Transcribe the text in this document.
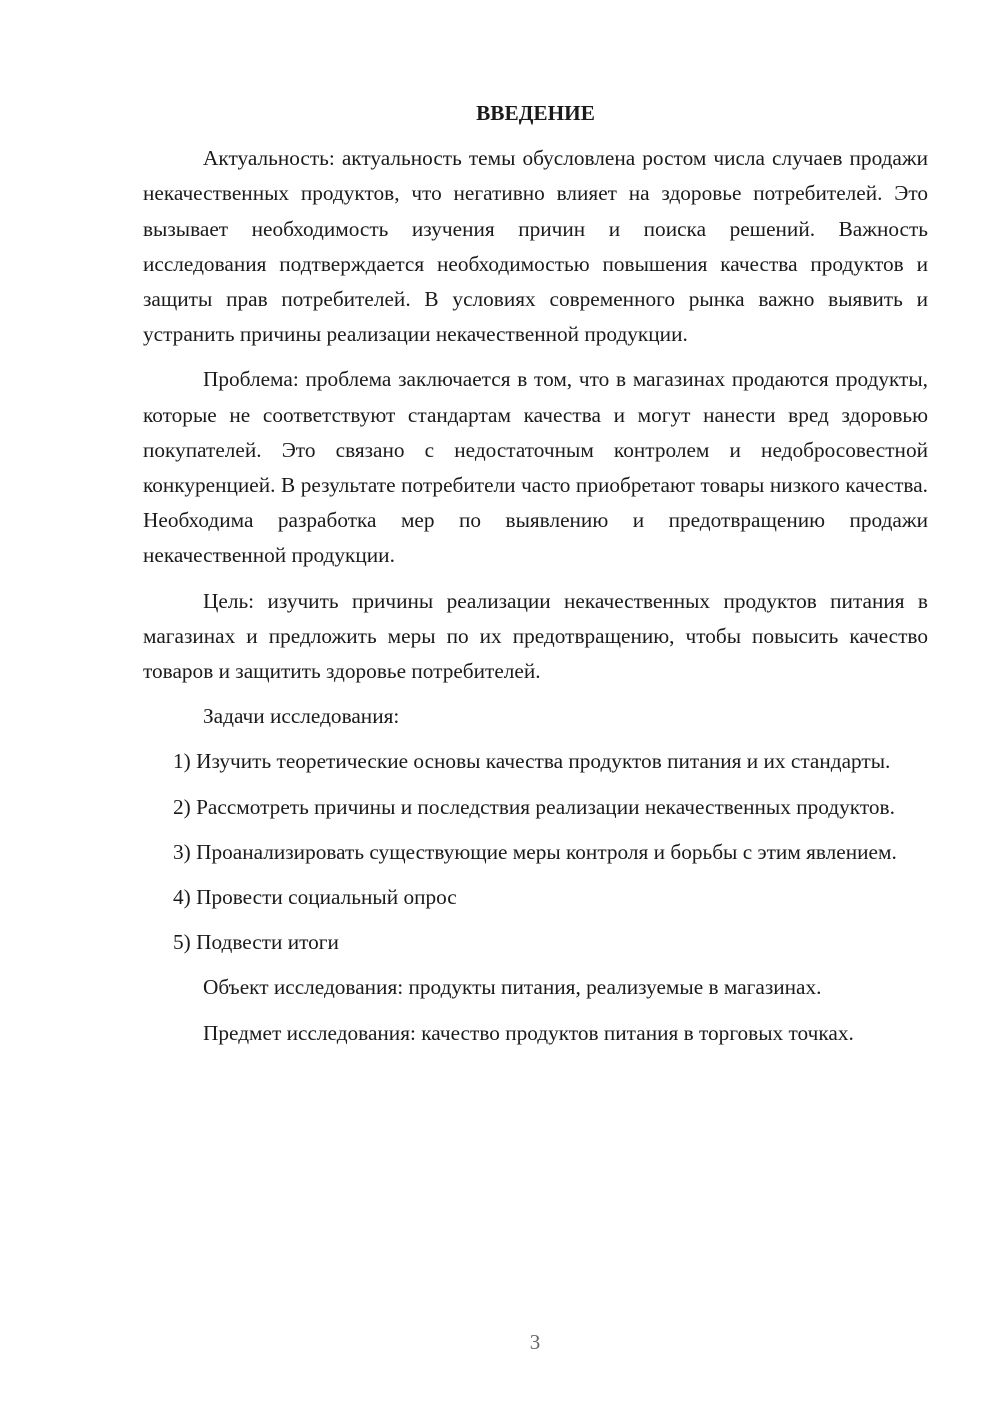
ВВЕДЕНИЕ

Актуальность: актуальность темы обусловлена ростом числа случаев продажи некачественных продуктов, что негативно влияет на здоровье потребителей. Это вызывает необходимость изучения причин и поиска решений. Важность исследования подтверждается необходимостью повышения качества продуктов и защиты прав потребителей. В условиях современного рынка важно выявить и устранить причины реализации некачественной продукции.

Проблема: проблема заключается в том, что в магазинах продаются продукты, которые не соответствуют стандартам качества и могут нанести вред здоровью покупателей. Это связано с недостаточным контролем и недобросовестной конкуренцией. В результате потребители часто приобретают товары низкого качества. Необходима разработка мер по выявлению и предотвращению продажи некачественной продукции.

Цель: изучить причины реализации некачественных продуктов питания в магазинах и предложить меры по их предотвращению, чтобы повысить качество товаров и защитить здоровье потребителей.

Задачи исследования:

1) Изучить теоретические основы качества продуктов питания и их стандарты.

2) Рассмотреть причины и последствия реализации некачественных продуктов.

3) Проанализировать существующие меры контроля и борьбы с этим явлением.

4) Провести социальный опрос

5) Подвести итоги

Объект исследования: продукты питания, реализуемые в магазинах.

Предмет исследования: качество продуктов питания в торговых точках.

3
